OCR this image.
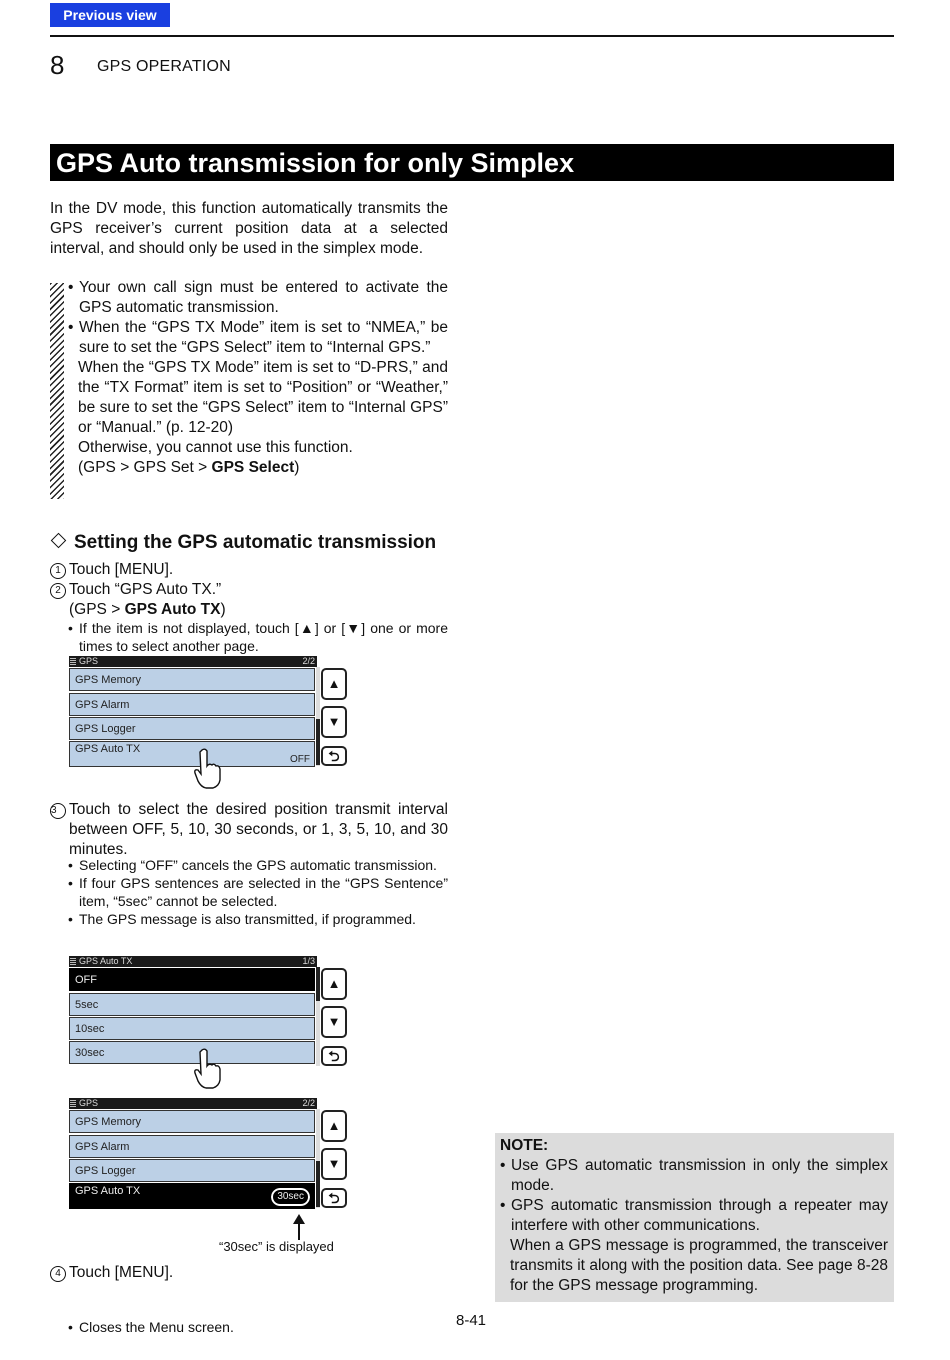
Previous view
8 GPS OPERATION
GPS Auto transmission for only Simplex
In the DV mode, this function automatically transmits the GPS receiver’s current position data at a selected interval, and should only be used in the simplex mode.
• Your own call sign must be entered to activate the GPS automatic transmission.
• When the “GPS TX Mode” item is set to “NMEA,” be sure to set the “GPS Select” item to “Internal GPS.”
When the “GPS TX Mode” item is set to “D-PRS,” and the “TX Format” item is set to “Position” or “Weather,” be sure to set the “GPS Select” item to “Internal GPS” or “Manual.” (p. 12-20)
Otherwise, you cannot use this function.
(GPS > GPS Set > GPS Select)
Setting the GPS automatic transmission
1 Touch [MENU].
2 Touch “GPS Auto TX.”
(GPS > GPS Auto TX)
• If the item is not displayed, touch [▲] or [▼] one or more times to select another page.
GPS	2/2
GPS Memory
GPS Alarm
GPS Logger
GPS Auto TX
OFF
▲
▼
⮌
3 Touch to select the desired position transmit interval between OFF, 5, 10, 30 seconds, or 1, 3, 5, 10, and 30 minutes.
• Selecting “OFF” cancels the GPS automatic transmission.
• If four GPS sentences are selected in the “GPS Sentence” item, “5sec” cannot be selected.
• The GPS message is also transmitted, if programmed.
GPS Auto TX	1/3
OFF
5sec
10sec
30sec
▲
▼
⮌
GPS	2/2
GPS Memory
GPS Alarm
GPS Logger
GPS Auto TX	30sec
▲
▼
⮌
“30sec” is displayed
4 Touch [MENU].
• Closes the Menu screen.
NOTE:
• Use GPS automatic transmission in only the simplex mode.
• GPS automatic transmission through a repeater may interfere with other communications.
When a GPS message is programmed, the transceiver transmits it along with the position data. See page 8-28 for the GPS message programming.
8-41
